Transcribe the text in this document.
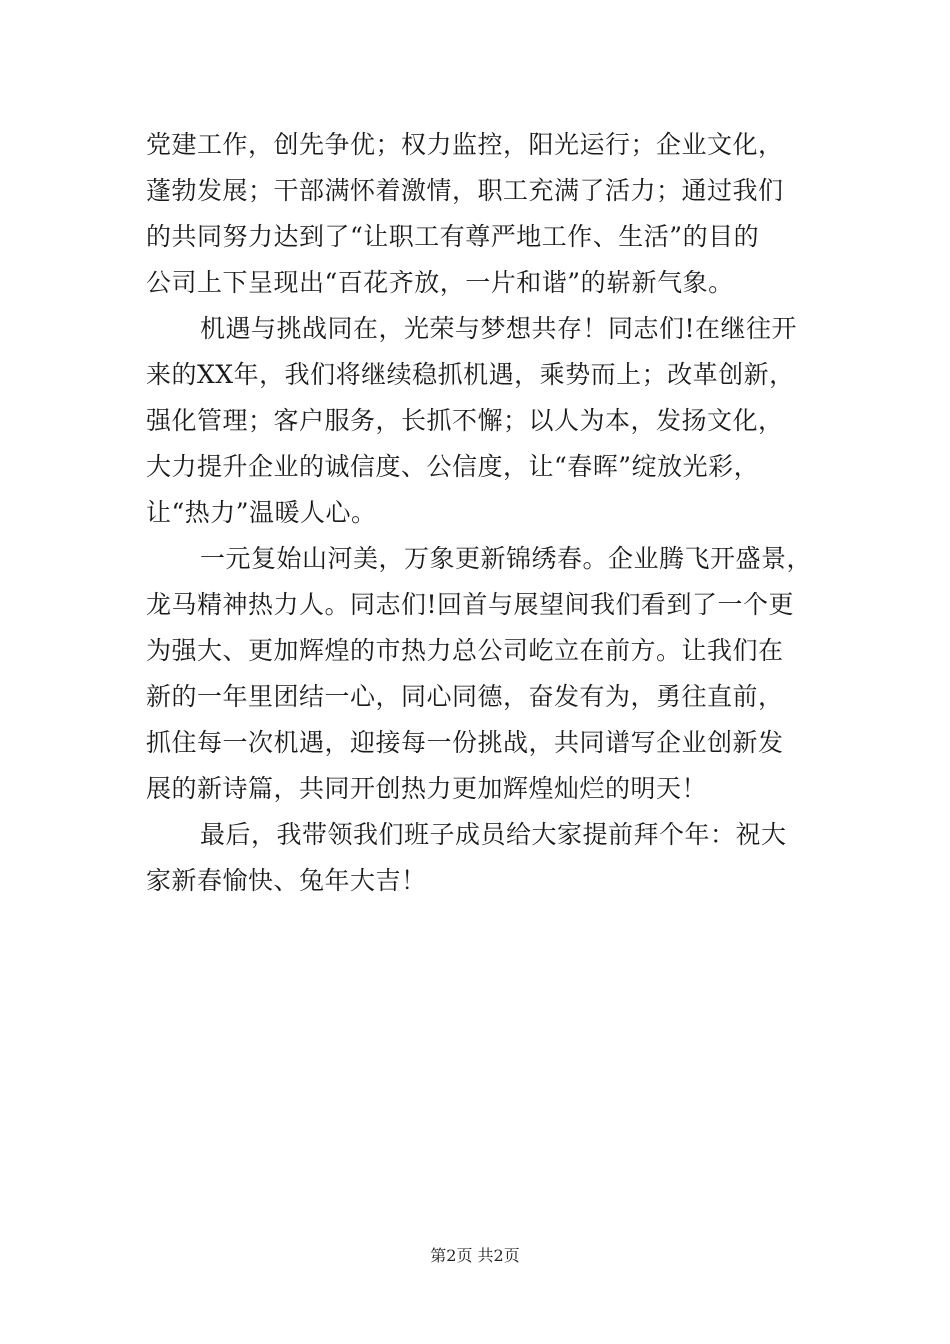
党建工作，创先争优；权力监控，阳光运行；企业文化，
蓬勃发展；干部满怀着激情，职工充满了活力；通过我们
的共同努力达到了“让职工有尊严地工作、生活”的目的
公司上下呈现出“百花齐放，一片和谐”的崭新气象。
机遇与挑战同在，光荣与梦想共存！同志们!在继往开
来的XX年，我们将继续稳抓机遇，乘势而上；改革创新，
强化管理；客户服务，长抓不懈；以人为本，发扬文化，
大力提升企业的诚信度、公信度，让“春晖”绽放光彩，
让“热力”温暖人心。
一元复始山河美，万象更新锦绣春。企业腾飞开盛景，
龙马精神热力人。同志们!回首与展望间我们看到了一个更
为强大、更加辉煌的市热力总公司屹立在前方。让我们在
新的一年里团结一心，同心同德，奋发有为，勇往直前，
抓住每一次机遇，迎接每一份挑战，共同谱写企业创新发
展的新诗篇，共同开创热力更加辉煌灿烂的明天！
最后，我带领我们班子成员给大家提前拜个年：祝大
家新春愉快、兔年大吉！
第2页 共2页
